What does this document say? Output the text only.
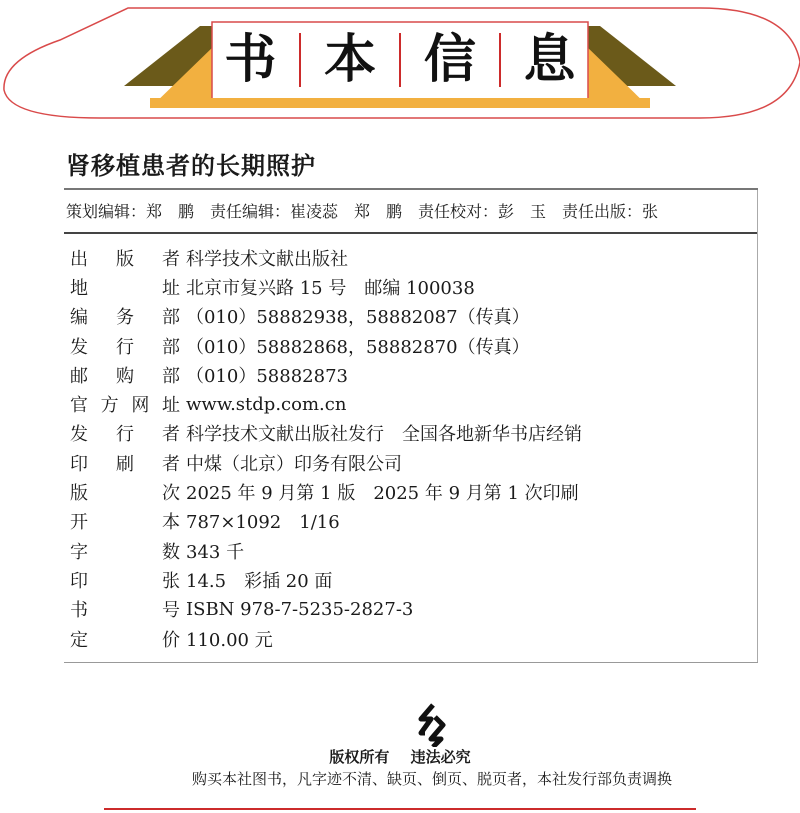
书 本 信 息
肾移植患者的长期照护
策划编辑：郑　鹏　责任编辑：崔凌蕊　郑　鹏　责任校对：彭　玉　责任出版：张
出 版 者 科学技术文献出版社
地	址 北京市复兴路 15 号　邮编 100038
编 务 部 （010）58882938，58882087（传真）
发 行 部 （010）58882868，58882870（传真）
邮 购 部 （010）58882873
官 方 网 址 www.stdp.com.cn
发 行 者 科学技术文献出版社发行　全国各地新华书店经销
印 刷 者 中煤（北京）印务有限公司
版	次 2025 年 9 月第 1 版　2025 年 9 月第 1 次印刷
开	本 787×1092　1/16
字	数 343 千
印	张 14.5　彩插 20 面
书	号 ISBN 978-7-5235-2827-3
定	价 110.00 元
版权所有 违法必究
购买本社图书，凡字迹不清、缺页、倒页、脱页者，本社发行部负责调换
